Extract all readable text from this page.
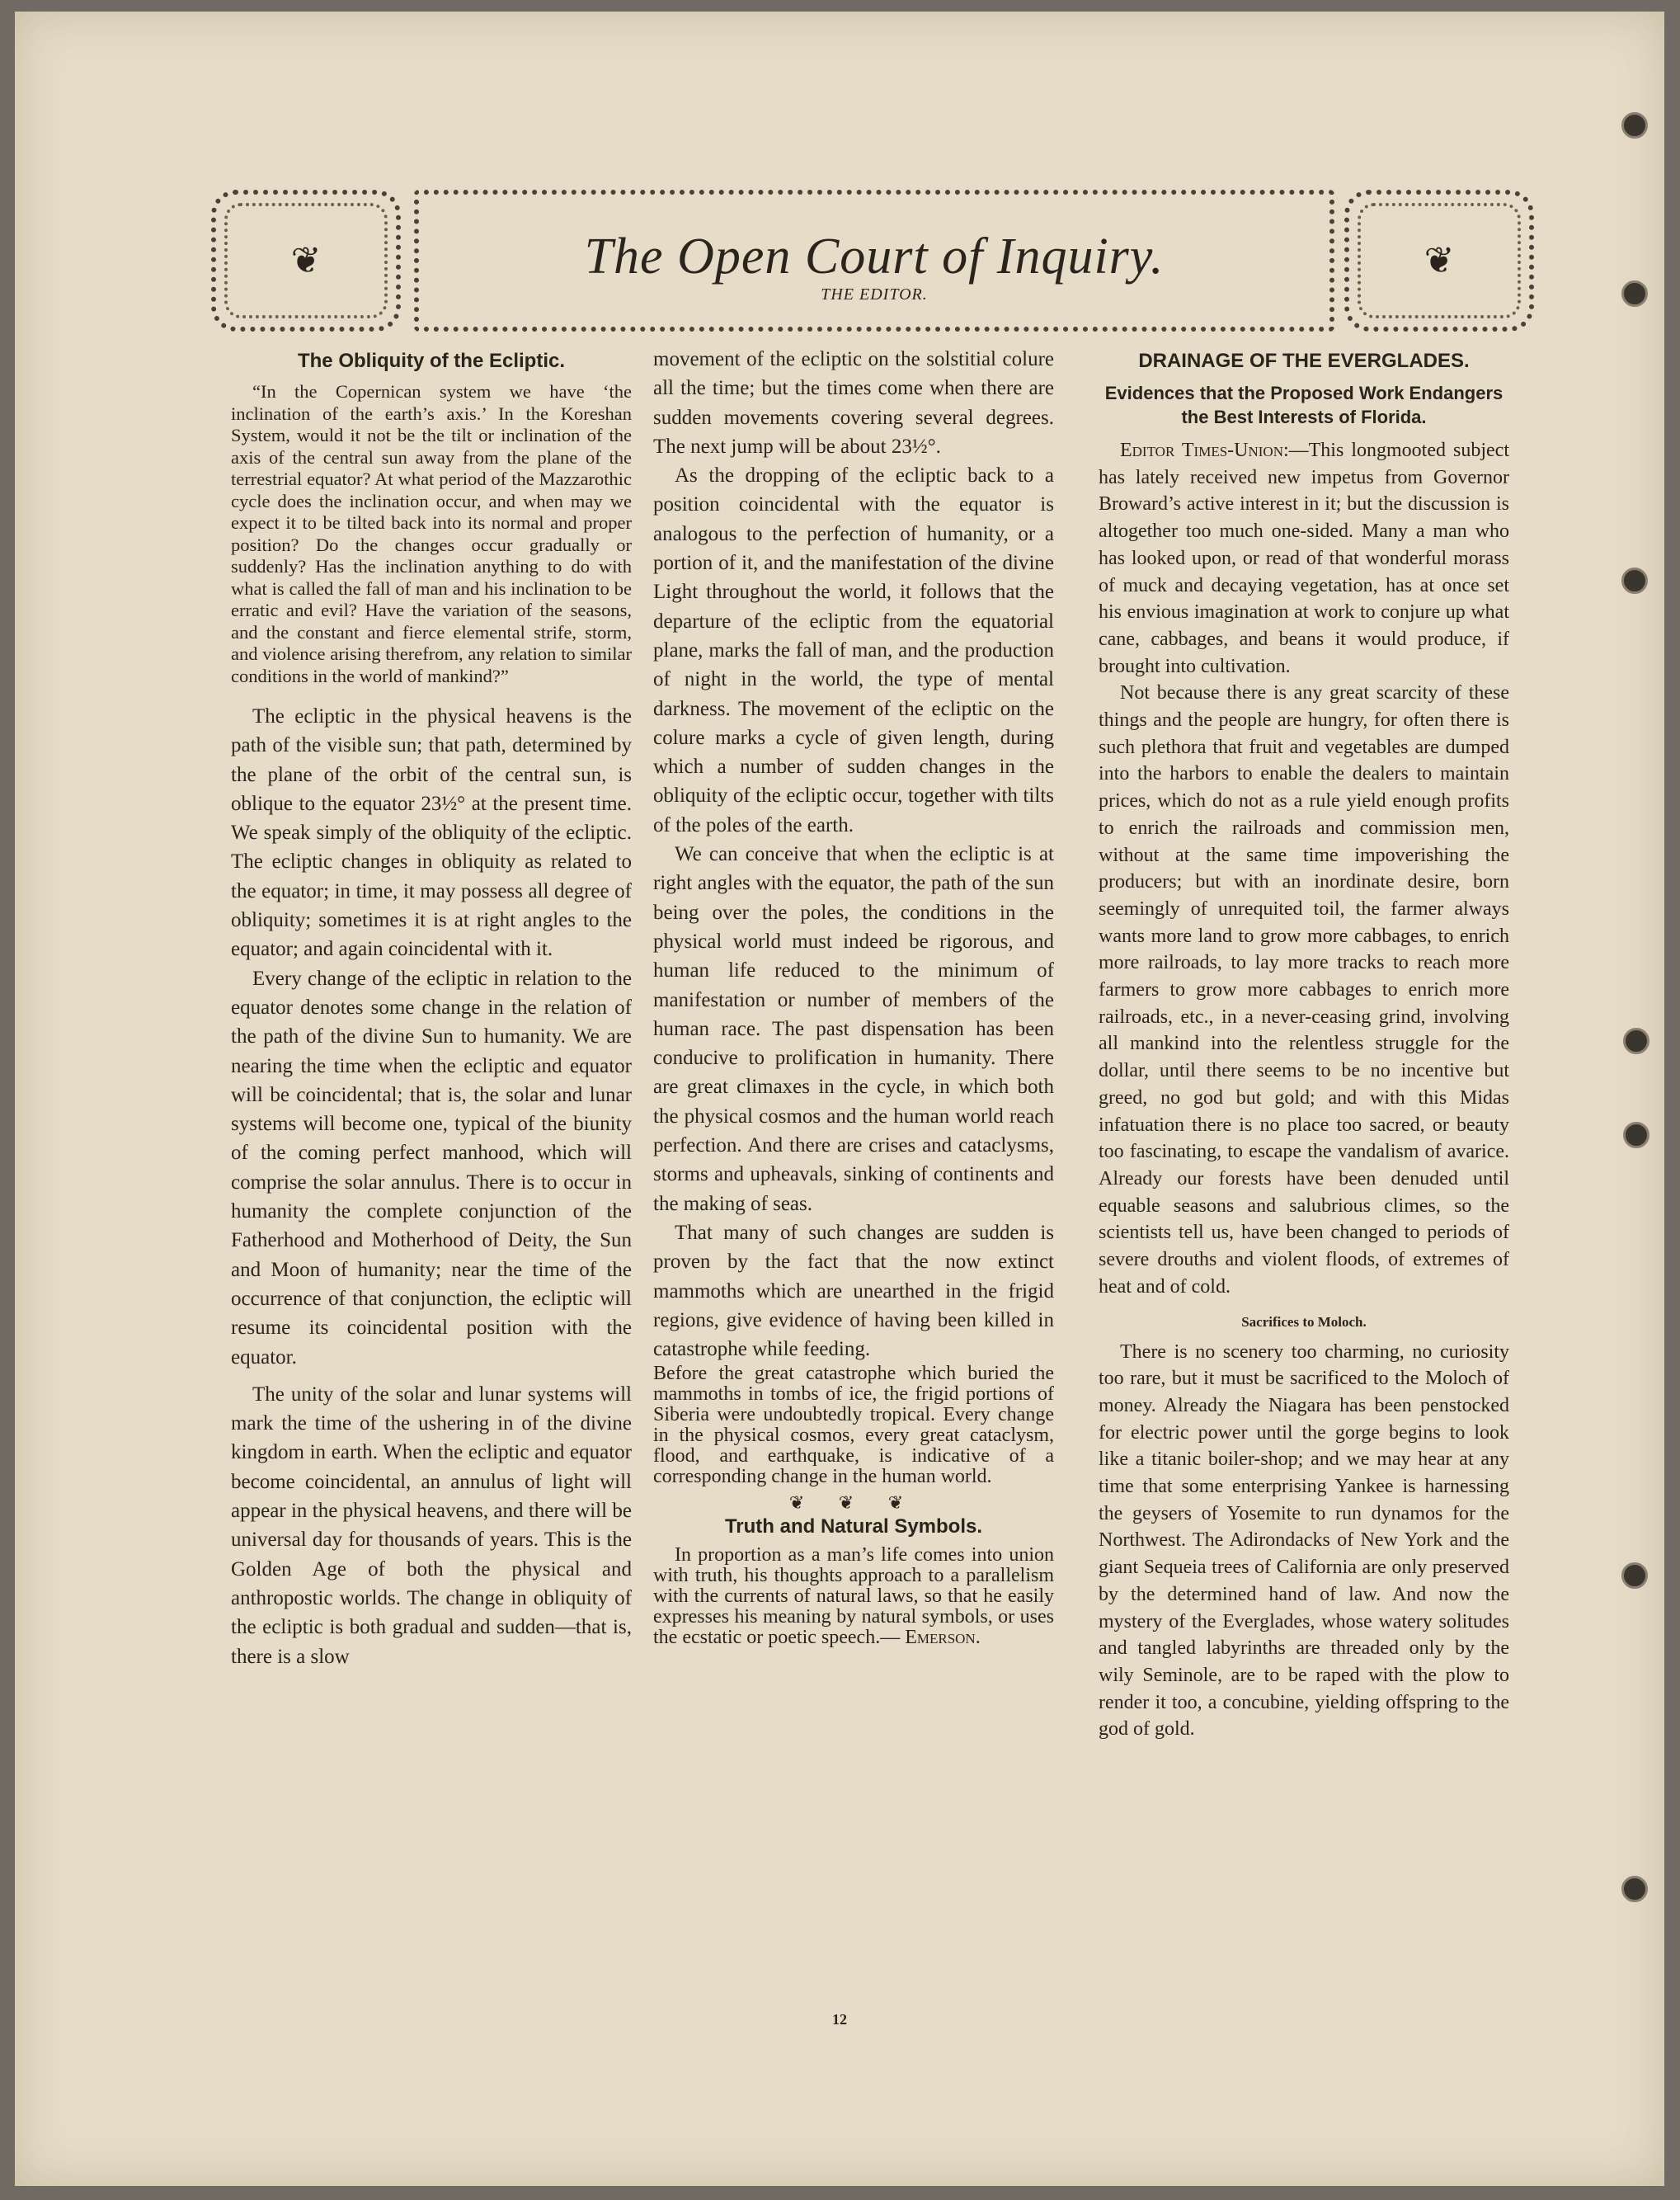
❦	The Open Court of Inquiry.
THE EDITOR.
❦
The Obliquity of the Ecliptic.

“In the Copernican system we have ‘the inclination of the earth’s axis.’ In the Koreshan System, would it not be the tilt or inclination of the axis of the central sun away from the plane of the terrestrial equator? At what period of the Mazzarothic cycle does the inclination occur, and when may we expect it to be tilted back into its normal and proper position? Do the changes occur gradually or suddenly? Has the inclination anything to do with what is called the fall of man and his inclination to be erratic and evil? Have the variation of the seasons, and the constant and fierce elemental strife, storm, and violence arising therefrom, any relation to similar conditions in the world of mankind?”

The ecliptic in the physical heavens is the path of the visible sun; that path, determined by the plane of the orbit of the central sun, is oblique to the equator 23½° at the present time. We speak simply of the obliquity of the ecliptic. The ecliptic changes in obliquity as related to the equator; in time, it may possess all degree of obliquity; sometimes it is at right angles to the equator; and again coincidental with it.

Every change of the ecliptic in relation to the equator denotes some change in the relation of the path of the divine Sun to humanity. We are nearing the time when the ecliptic and equator will be coincidental; that is, the solar and lunar systems will become one, typical of the biunity of the coming perfect manhood, which will comprise the solar annulus. There is to occur in humanity the complete conjunction of the Fatherhood and Motherhood of Deity, the Sun and Moon of humanity; near the time of the occurrence of that conjunction, the ecliptic will resume its coincidental position with the equator.

The unity of the solar and lunar systems will mark the time of the ushering in of the divine kingdom in earth. When the ecliptic and equator become coincidental, an annulus of light will appear in the physical heavens, and there will be universal day for thousands of years. This is the Golden Age of both the physical and anthropostic worlds. The change in obliquity of the ecliptic is both gradual and sudden—that is, there is a slow

movement of the ecliptic on the solstitial colure all the time; but the times come when there are sudden movements covering several degrees. The next jump will be about 23½°.

As the dropping of the ecliptic back to a position coincidental with the equator is analogous to the perfection of humanity, or a portion of it, and the manifestation of the divine Light throughout the world, it follows that the departure of the ecliptic from the equatorial plane, marks the fall of man, and the production of night in the world, the type of mental darkness. The movement of the ecliptic on the colure marks a cycle of given length, during which a number of sudden changes in the obliquity of the ecliptic occur, together with tilts of the poles of the earth.

We can conceive that when the ecliptic is at right angles with the equator, the path of the sun being over the poles, the conditions in the physical world must indeed be rigorous, and human life reduced to the minimum of manifestation or number of members of the human race. The past dispensation has been conducive to prolification in humanity. There are great climaxes in the cycle, in which both the physical cosmos and the human world reach perfection. And there are crises and cataclysms, storms and upheavals, sinking of continents and the making of seas.

That many of such changes are sudden is proven by the fact that the now extinct mammoths which are unearthed in the frigid regions, give evidence of having been killed in catastrophe while feeding.

Before the great catastrophe which buried the mammoths in tombs of ice, the frigid portions of Siberia were undoubtedly tropical. Every change in the physical cosmos, every great cataclysm, flood, and earthquake, is indicative of a corresponding change in the human world.

❦ ❦ ❦
Truth and Natural Symbols.

In proportion as a man’s life comes into union with truth, his thoughts approach to a parallelism with the currents of natural laws, so that he easily expresses his meaning by natural symbols, or uses the ecstatic or poetic speech.— Emerson.

DRAINAGE OF THE EVERGLADES.
Evidences that the Proposed Work Endangers the Best Interests of Florida.

Editor Times-Union:—This longmooted subject has lately received new impetus from Governor Broward’s active interest in it; but the discussion is altogether too much one-sided. Many a man who has looked upon, or read of that wonderful morass of muck and decaying vegetation, has at once set his envious imagination at work to conjure up what cane, cabbages, and beans it would produce, if brought into cultivation.

Not because there is any great scarcity of these things and the people are hungry, for often there is such plethora that fruit and vegetables are dumped into the harbors to enable the dealers to maintain prices, which do not as a rule yield enough profits to enrich the railroads and commission men, without at the same time impoverishing the producers; but with an inordinate desire, born seemingly of unrequited toil, the farmer always wants more land to grow more cabbages, to enrich more railroads, to lay more tracks to reach more farmers to grow more cabbages to enrich more railroads, etc., in a never-ceasing grind, involving all mankind into the relentless struggle for the dollar, until there seems to be no incentive but greed, no god but gold; and with this Midas infatuation there is no place too sacred, or beauty too fascinating, to escape the vandalism of avarice. Already our forests have been denuded until equable seasons and salubrious climes, so the scientists tell us, have been changed to periods of severe drouths and violent floods, of extremes of heat and of cold.

Sacrifices to Moloch.

There is no scenery too charming, no curiosity too rare, but it must be sacrificed to the Moloch of money. Already the Niagara has been penstocked for electric power until the gorge begins to look like a titanic boiler-shop; and we may hear at any time that some enterprising Yankee is harnessing the geysers of Yosemite to run dynamos for the Northwest. The Adirondacks of New York and the giant Sequeia trees of California are only preserved by the determined hand of law. And now the mystery of the Everglades, whose watery solitudes and tangled labyrinths are threaded only by the wily Seminole, are to be raped with the plow to render it too, a concubine, yielding offspring to the god of gold.

12
